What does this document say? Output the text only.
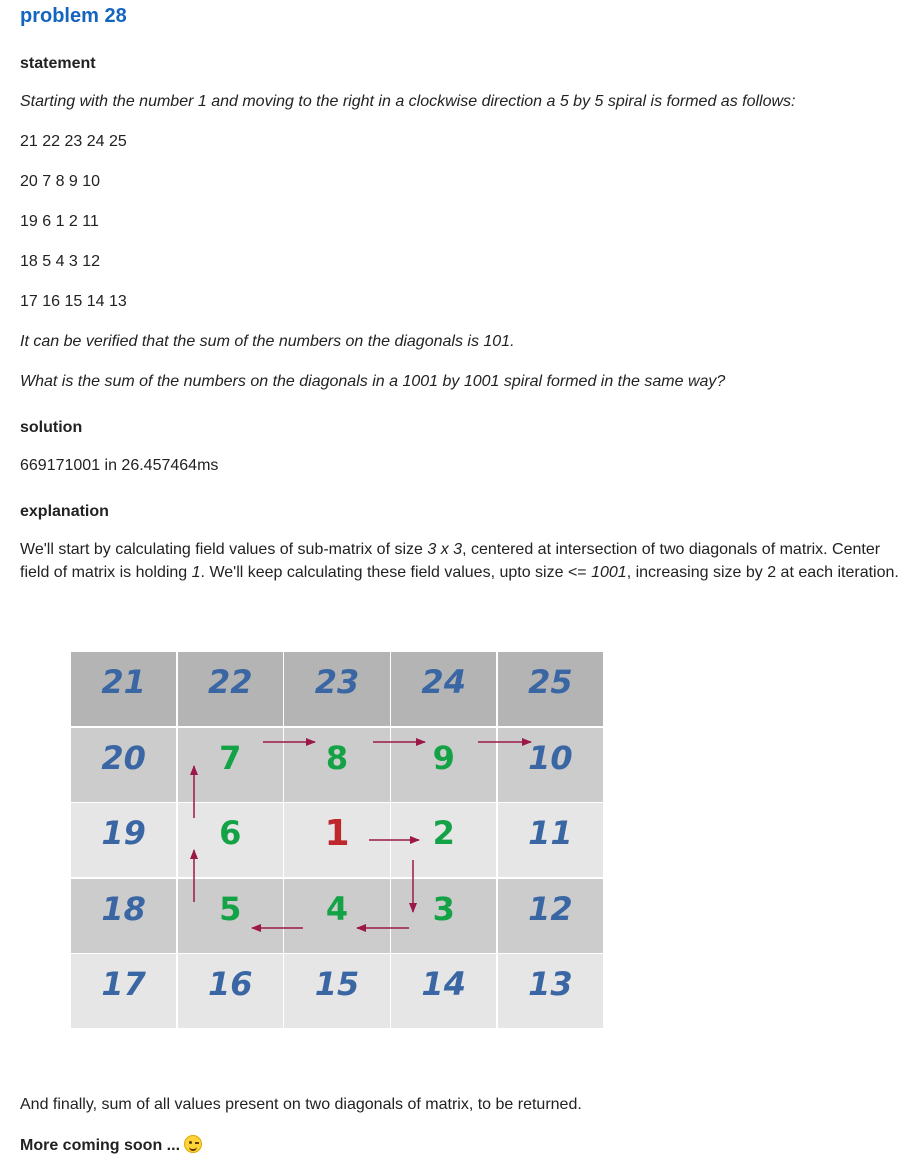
problem 28
statement
Starting with the number 1 and moving to the right in a clockwise direction a 5 by 5 spiral is formed as follows:
21 22 23 24 25
20 7 8 9 10
19 6 1 2 11
18 5 4 3 12
17 16 15 14 13
It can be verified that the sum of the numbers on the diagonals is 101.
What is the sum of the numbers on the diagonals in a 1001 by 1001 spiral formed in the same way?
solution
669171001 in 26.457464ms
explanation
We'll start by calculating field values of sub-matrix of size 3 x 3, centered at intersection of two diagonals of matrix. Center field of matrix is holding 1. We'll keep calculating these field values, upto size <= 1001, increasing size by 2 at each iteration.
21	22	23	24	25
20	7	8	9	10
19	6	1	2	11
18	5	4	3	12
17	16	15	14	13
And finally, sum of all values present on two diagonals of matrix, to be returned.
More coming soon ...
